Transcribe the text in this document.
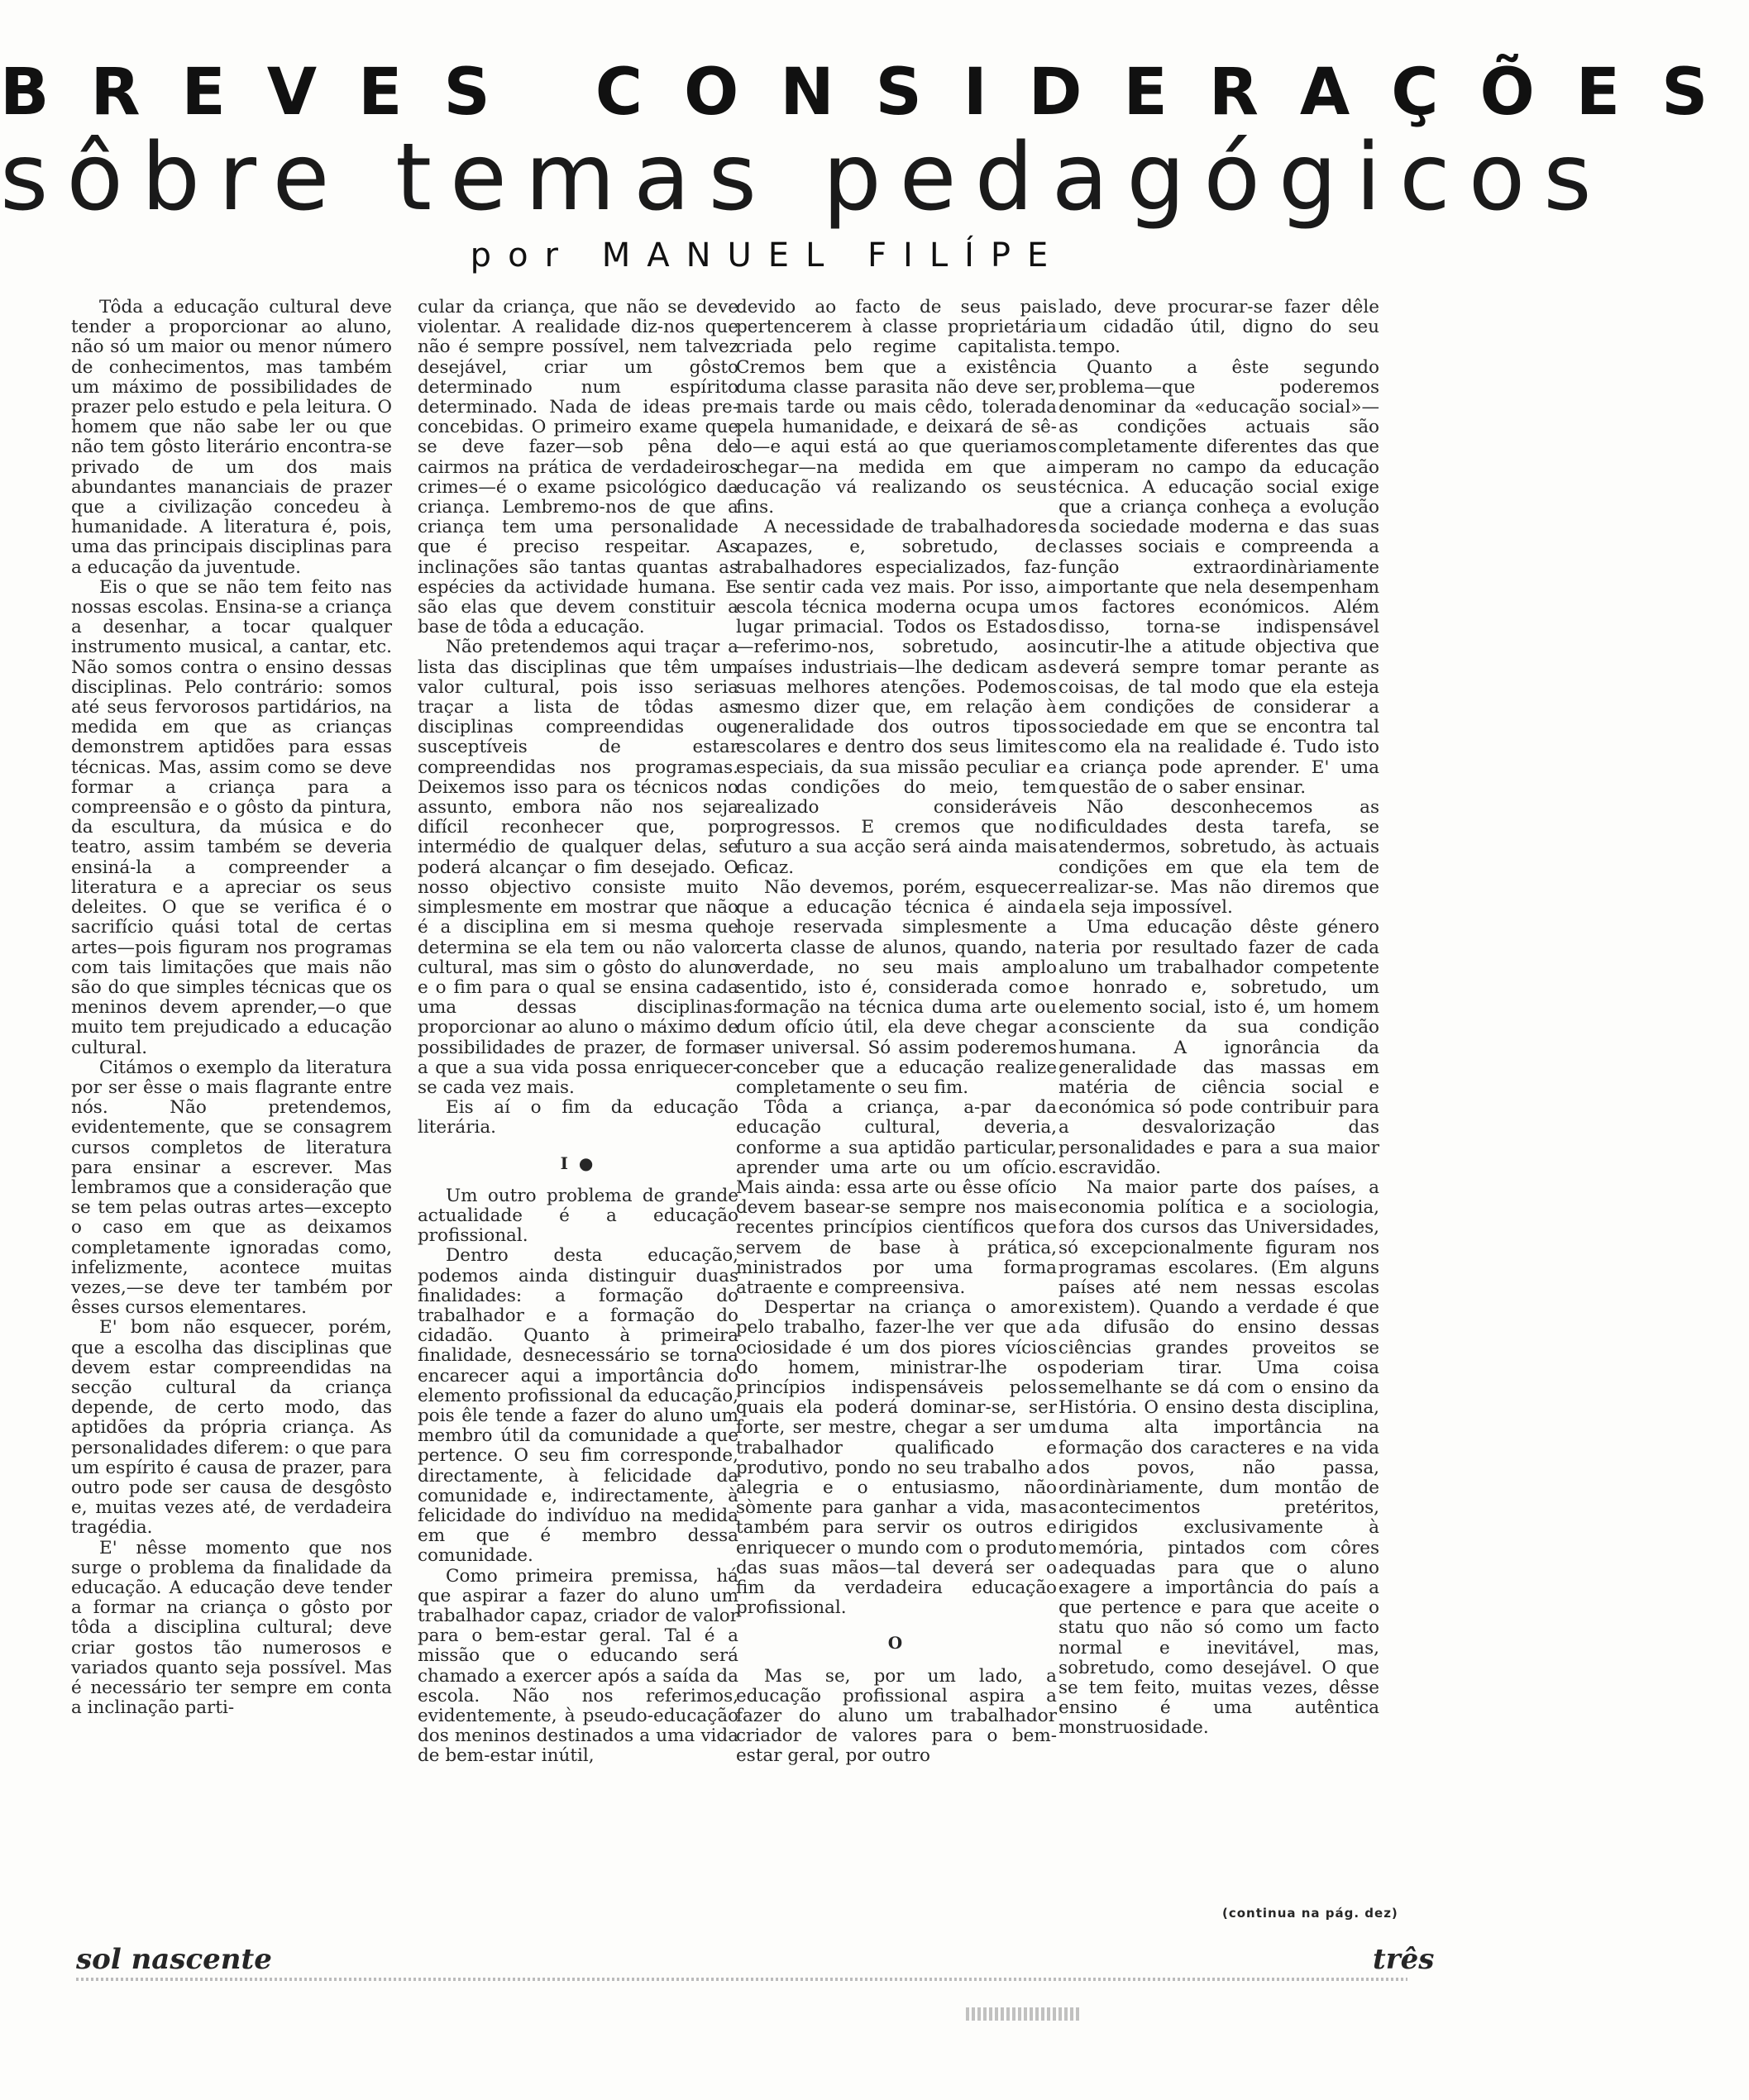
BREVES CONSIDERAÇÕES
sôbre temas pedagógicos
por MANUEL FILÍPE

Tôda a educação cultural deve tender a proporcionar ao aluno, não só um maior ou menor número de conhecimentos, mas também um máximo de possibilidades de prazer pelo estudo e pela leitura. O homem que não sabe ler ou que não tem gôsto literário encontra-se privado de um dos mais abundantes mananciais de prazer que a civilização concedeu à humanidade. A literatura é, pois, uma das principais disciplinas para a educação da juventude.

Eis o que se não tem feito nas nossas escolas. Ensina-se a criança a desenhar, a tocar qualquer instrumento musical, a cantar, etc. Não somos contra o ensino dessas disciplinas. Pelo contrário: somos até seus fervorosos partidários, na medida em que as crianças demonstrem aptidões para essas técnicas. Mas, assim como se deve formar a criança para a compreensão e o gôsto da pintura, da escultura, da música e do teatro, assim também se deveria ensiná-la a compreender a literatura e a apreciar os seus deleites. O que se verifica é o sacrifício quási total de certas artes—pois figuram nos programas com tais limitações que mais não são do que simples técnicas que os meninos devem aprender,—o que muito tem prejudicado a educação cultural.

Citámos o exemplo da literatura por ser êsse o mais flagrante entre nós. Não pretendemos, evidentemente, que se consagrem cursos completos de literatura para ensinar a escrever. Mas lembramos que a consideração que se tem pelas outras artes—excepto o caso em que as deixamos completamente ignoradas como, infelizmente, acontece muitas vezes,—se deve ter também por êsses cursos elementares.

E' bom não esquecer, porém, que a escolha das disciplinas que devem estar compreendidas na secção cultural da criança depende, de certo modo, das aptidões da própria criança. As personalidades diferem: o que para um espírito é causa de prazer, para outro pode ser causa de desgôsto e, muitas vezes até, de verdadeira tragédia.

E' nêsse momento que nos surge o problema da finalidade da educação. A educação deve tender a formar na criança o gôsto por tôda a disciplina cultural; deve criar gostos tão numerosos e variados quanto seja possível. Mas é necessário ter sempre em conta a inclinação parti-

cular da criança, que não se deve violentar. A realidade diz-nos que não é sempre possível, nem talvez desejável, criar um gôsto determinado num espírito determinado. Nada de ideas pre-concebidas. O primeiro exame que se deve fazer—sob pêna de cairmos na prática de verdadeiros crimes—é o exame psicológico da criança. Lembremo-nos de que a criança tem uma personalidade que é preciso respeitar. As inclinações são tantas quantas as espécies da actividade humana. E são elas que devem constituir a base de tôda a educação.

Não pretendemos aqui traçar a lista das disciplinas que têm um valor cultural, pois isso seria traçar a lista de tôdas as disciplinas compreendidas ou susceptíveis de estar compreendidas nos programas. Deixemos isso para os técnicos no assunto, embora não nos seja difícil reconhecer que, por intermédio de qualquer delas, se poderá alcançar o fim desejado. O nosso objectivo consiste muito simplesmente em mostrar que não é a disciplina em si mesma que determina se ela tem ou não valor cultural, mas sim o gôsto do aluno e o fim para o qual se ensina cada uma dessas disciplinas: proporcionar ao aluno o máximo de possibilidades de prazer, de forma a que a sua vida possa enriquecer-se cada vez mais.

Eis aí o fim da educação literária.

I ●

Um outro problema de grande actualidade é a educação profissional.

Dentro desta educação, podemos ainda distinguir duas finalidades: a formação do trabalhador e a formação do cidadão. Quanto à primeira finalidade, desnecessário se torna encarecer aqui a importância do elemento profissional da educação, pois êle tende a fazer do aluno um membro útil da comunidade a que pertence. O seu fim corresponde, directamente, à felicidade da comunidade e, indirectamente, à felicidade do indivíduo na medida em que é membro dessa comunidade.

Como primeira premissa, há que aspirar a fazer do aluno um trabalhador capaz, criador de valor para o bem-estar geral. Tal é a missão que o educando será chamado a exercer após a saída da escola. Não nos referimos, evidentemente, à pseudo-educação dos meninos destinados a uma vida de bem-estar inútil,

devido ao facto de seus pais pertencerem à classe proprietária criada pelo regime capitalista. Cremos bem que a existência duma classe parasita não deve ser, mais tarde ou mais cêdo, tolerada pela humanidade, e deixará de sê-lo—e aqui está ao que queriamos chegar—na medida em que a educação vá realizando os seus fins.

A necessidade de trabalhadores capazes, e, sobretudo, de trabalhadores especializados, faz-se sentir cada vez mais. Por isso, a escola técnica moderna ocupa um lugar primacial. Todos os Estados—referimo-nos, sobretudo, aos países industriais—lhe dedicam as suas melhores atenções. Podemos mesmo dizer que, em relação à generalidade dos outros tipos escolares e dentro dos seus limites especiais, da sua missão peculiar e das condições do meio, tem realizado consideráveis progressos. E cremos que no futuro a sua acção será ainda mais eficaz.

Não devemos, porém, esquecer que a educação técnica é ainda hoje reservada simplesmente a certa classe de alunos, quando, na verdade, no seu mais amplo sentido, isto é, considerada como formação na técnica duma arte ou dum ofício útil, ela deve chegar a ser universal. Só assim poderemos conceber que a educação realize completamente o seu fim.

Tôda a criança, a-par da educação cultural, deveria, conforme a sua aptidão particular, aprender uma arte ou um ofício. Mais ainda: essa arte ou êsse ofício devem basear-se sempre nos mais recentes princípios científicos que servem de base à prática, ministrados por uma forma atraente e compreensiva.

Despertar na criança o amor pelo trabalho, fazer-lhe ver que a ociosidade é um dos piores vícios do homem, ministrar-lhe os princípios indispensáveis pelos quais ela poderá dominar-se, ser forte, ser mestre, chegar a ser um trabalhador qualificado e produtivo, pondo no seu trabalho a alegria e o entusiasmo, não sòmente para ganhar a vida, mas também para servir os outros e enriquecer o mundo com o produto das suas mãos—tal deverá ser o fim da verdadeira educação profissional.

O

Mas se, por um lado, a educação profissional aspira a fazer do aluno um trabalhador criador de valores para o bem-estar geral, por outro

lado, deve procurar-se fazer dêle um cidadão útil, digno do seu tempo.

Quanto a êste segundo problema—que poderemos denominar da «educação social»—as condições actuais são completamente diferentes das que imperam no campo da educação técnica. A educação social exige que a criança conheça a evolução da sociedade moderna e das suas classes sociais e compreenda a função extraordinàriamente importante que nela desempenham os factores económicos. Além disso, torna-se indispensável incutir-lhe a atitude objectiva que deverá sempre tomar perante as coisas, de tal modo que ela esteja em condições de considerar a sociedade em que se encontra tal como ela na realidade é. Tudo isto a criança pode aprender. E' uma questão de o saber ensinar.

Não desconhecemos as dificuldades desta tarefa, se atendermos, sobretudo, às actuais condições em que ela tem de realizar-se. Mas não diremos que ela seja impossível.

Uma educação dêste género teria por resultado fazer de cada aluno um trabalhador competente e honrado e, sobretudo, um elemento social, isto é, um homem consciente da sua condição humana. A ignorância da generalidade das massas em matéria de ciência social e económica só pode contribuir para a desvalorização das personalidades e para a sua maior escravidão.

Na maior parte dos países, a economia política e a sociologia, fora dos cursos das Universidades, só excepcionalmente figuram nos programas escolares. (Em alguns países até nem nessas escolas existem). Quando a verdade é que da difusão do ensino dessas ciências grandes proveitos se poderiam tirar. Uma coisa semelhante se dá com o ensino da História. O ensino desta disciplina, duma alta importância na formação dos caracteres e na vida dos povos, não passa, ordinàriamente, dum montão de acontecimentos pretéritos, dirigidos exclusivamente à memória, pintados com côres adequadas para que o aluno exagere a importância do país a que pertence e para que aceite o statu quo não só como um facto normal e inevitável, mas, sobretudo, como desejável. O que se tem feito, muitas vezes, dêsse ensino é uma autêntica monstruosidade.

(continua na pág. dez)
sol nascente	três
